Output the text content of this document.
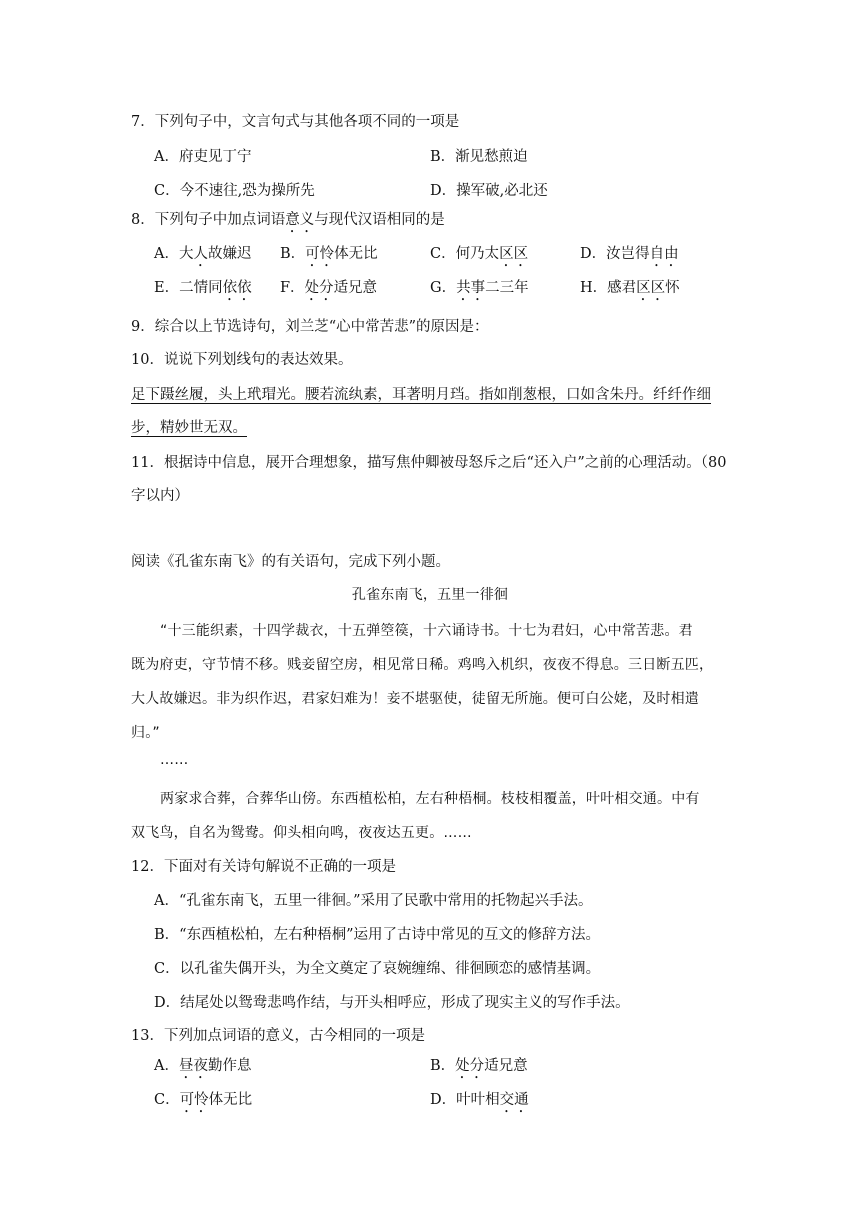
7．下列句子中，文言句式与其他各项不同的一项是
A．府吏见丁宁	B．渐见愁煎迫
C．今不速往,恐为操所先	D．操军破,必北还
8．下列句子中加点词语意义与现代汉语相同的是
A．大人故嫌迟 B．可怜体无比	C．何乃太区区	D．汝岂得自由
E．二情同依依 F．处分适兄意	G．共事二三年	H．感君区区怀
9．综合以上节选诗句，刘兰芝“心中常苦悲”的原因是：
10．说说下列划线句的表达效果。
足下蹑丝履，头上玳瑁光。腰若流纨素，耳著明月珰。指如削葱根，口如含朱丹。纤纤作细
步，精妙世无双。
11．根据诗中信息，展开合理想象，描写焦仲卿被母怒斥之后“还入户”之前的心理活动。（80
字以内）
阅读《孔雀东南飞》的有关语句，完成下列小题。
孔雀东南飞，五里一徘徊
“十三能织素，十四学裁衣，十五弹箜篌，十六诵诗书。十七为君妇，心中常苦悲。君
既为府吏，守节情不移。贱妾留空房，相见常日稀。鸡鸣入机织，夜夜不得息。三日断五匹，
大人故嫌迟。非为织作迟，君家妇难为！妾不堪驱使，徒留无所施。便可白公姥，及时相遣
归。”
……
两家求合葬，合葬华山傍。东西植松柏，左右种梧桐。枝枝相覆盖，叶叶相交通。中有
双飞鸟，自名为鸳鸯。仰头相向鸣，夜夜达五更。……
12．下面对有关诗句解说不正确的一项是
A．“孔雀东南飞，五里一徘徊。”采用了民歌中常用的托物起兴手法。
B．“东西植松柏，左右种梧桐”运用了古诗中常见的互文的修辞方法。
C．以孔雀失偶开头，为全文奠定了哀婉缠绵、徘徊顾恋的感情基调。
D．结尾处以鸳鸯悲鸣作结，与开头相呼应，形成了现实主义的写作手法。
13．下列加点词语的意义，古今相同的一项是
A．昼夜勤作息	B．处分适兄意
C．可怜体无比	D．叶叶相交通
